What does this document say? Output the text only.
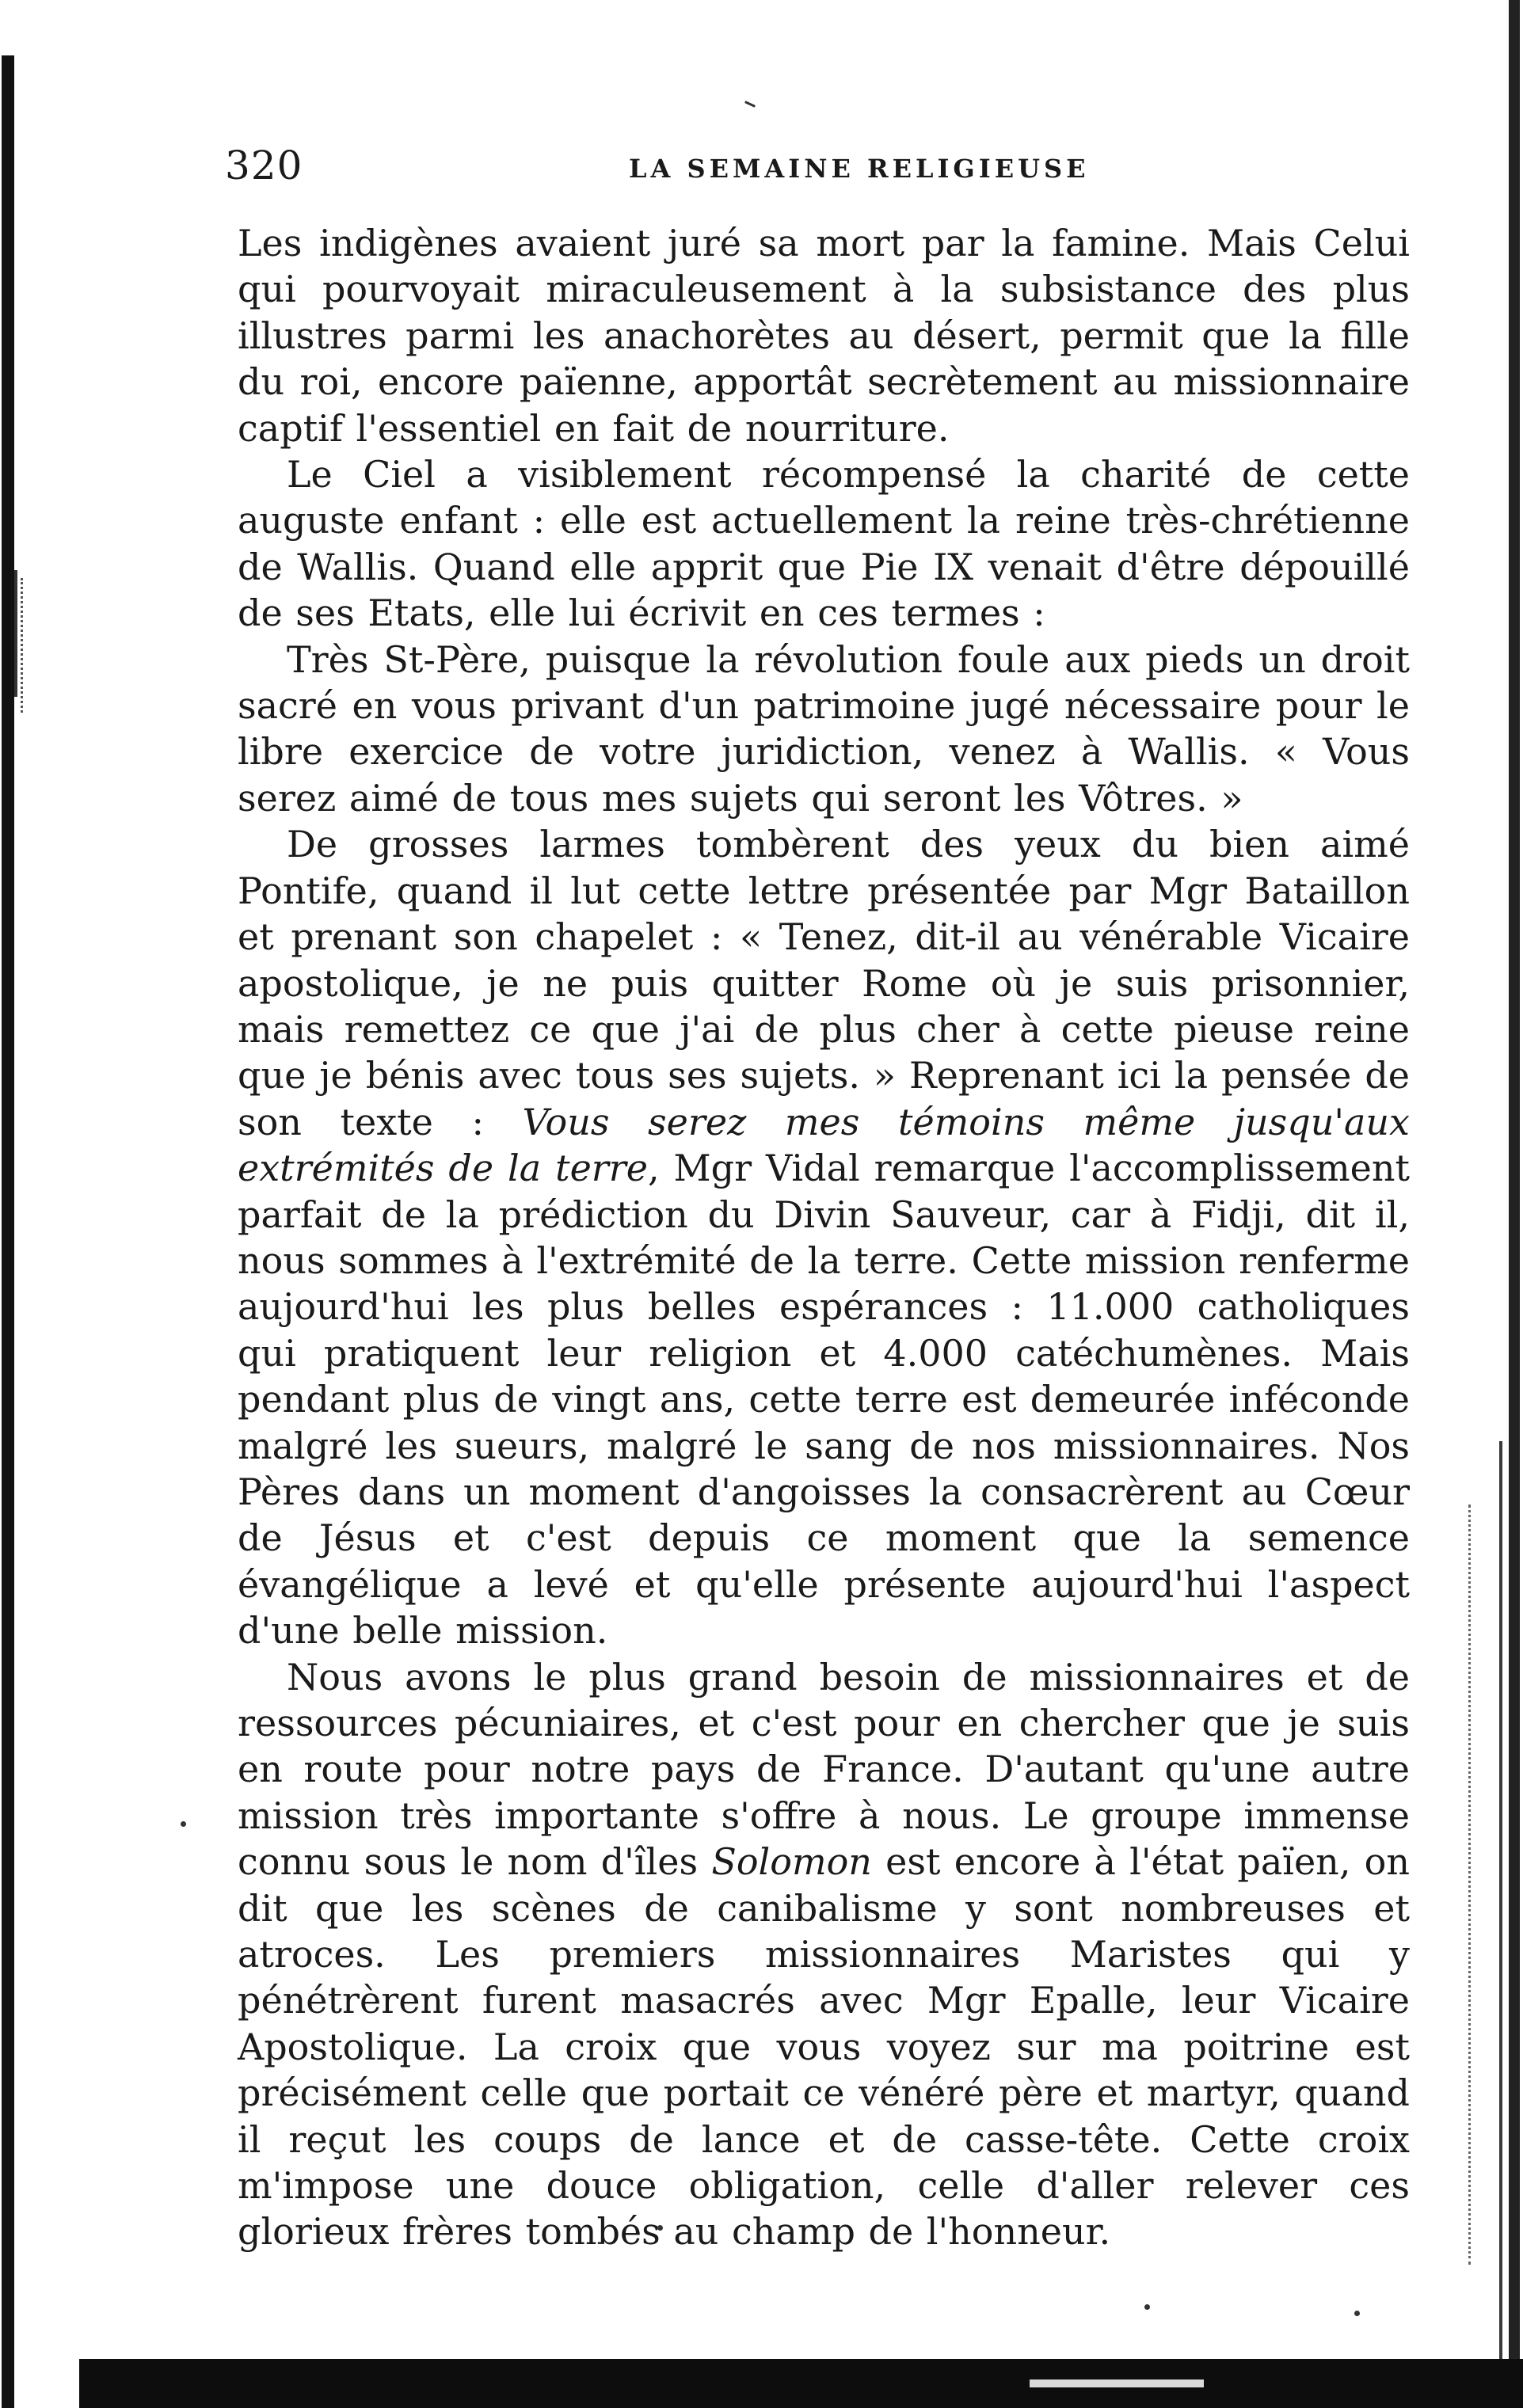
320	LA SEMAINE RELIGIEUSE

Les indigènes avaient juré sa mort par la famine. Mais Celui qui pourvoyait miraculeusement à la subsistance des plus illustres parmi les anachorètes au désert, permit que la fille du roi, encore païenne, apportât secrètement au missionnaire captif l'essentiel en fait de nourriture.

Le Ciel a visiblement récompensé la charité de cette auguste enfant : elle est actuellement la reine très-chrétienne de Wallis. Quand elle apprit que Pie IX venait d'être dépouillé de ses Etats, elle lui écrivit en ces termes :

Très St-Père, puisque la révolution foule aux pieds un droit sacré en vous privant d'un patrimoine jugé nécessaire pour le libre exercice de votre juridiction, venez à Wallis. « Vous serez aimé de tous mes sujets qui seront les Vôtres. »

De grosses larmes tombèrent des yeux du bien aimé Pontife, quand il lut cette lettre présentée par Mgr Bataillon et prenant son chapelet : « Tenez, dit-il au vénérable Vicaire apostolique, je ne puis quitter Rome où je suis prisonnier, mais remettez ce que j'ai de plus cher à cette pieuse reine que je bénis avec tous ses sujets. » Reprenant ici la pensée de son texte : Vous serez mes témoins même jusqu'aux extrémités de la terre, Mgr Vidal remarque l'accomplissement parfait de la prédiction du Divin Sauveur, car à Fidji, dit il, nous sommes à l'extrémité de la terre. Cette mission renferme aujourd'hui les plus belles espérances : 11.000 catholiques qui pratiquent leur religion et 4.000 catéchumènes. Mais pendant plus de vingt ans, cette terre est demeurée inféconde malgré les sueurs, malgré le sang de nos missionnaires. Nos Pères dans un moment d'angoisses la consacrèrent au Cœur de Jésus et c'est depuis ce moment que la semence évangélique a levé et qu'elle présente aujourd'hui l'aspect d'une belle mission.

Nous avons le plus grand besoin de missionnaires et de ressources pécuniaires, et c'est pour en chercher que je suis en route pour notre pays de France. D'autant qu'une autre mission très importante s'offre à nous. Le groupe immense connu sous le nom d'îles Solomon est encore à l'état païen, on dit que les scènes de canibalisme y sont nombreuses et atroces. Les premiers missionnaires Maristes qui y pénétrèrent furent masacrés avec Mgr Epalle, leur Vicaire Apostolique. La croix que vous voyez sur ma poitrine est précisément celle que portait ce vénéré père et martyr, quand il reçut les coups de lance et de casse-tête. Cette croix m'impose une douce obligation, celle d'aller relever ces glorieux frères tombés au champ de l'honneur.
